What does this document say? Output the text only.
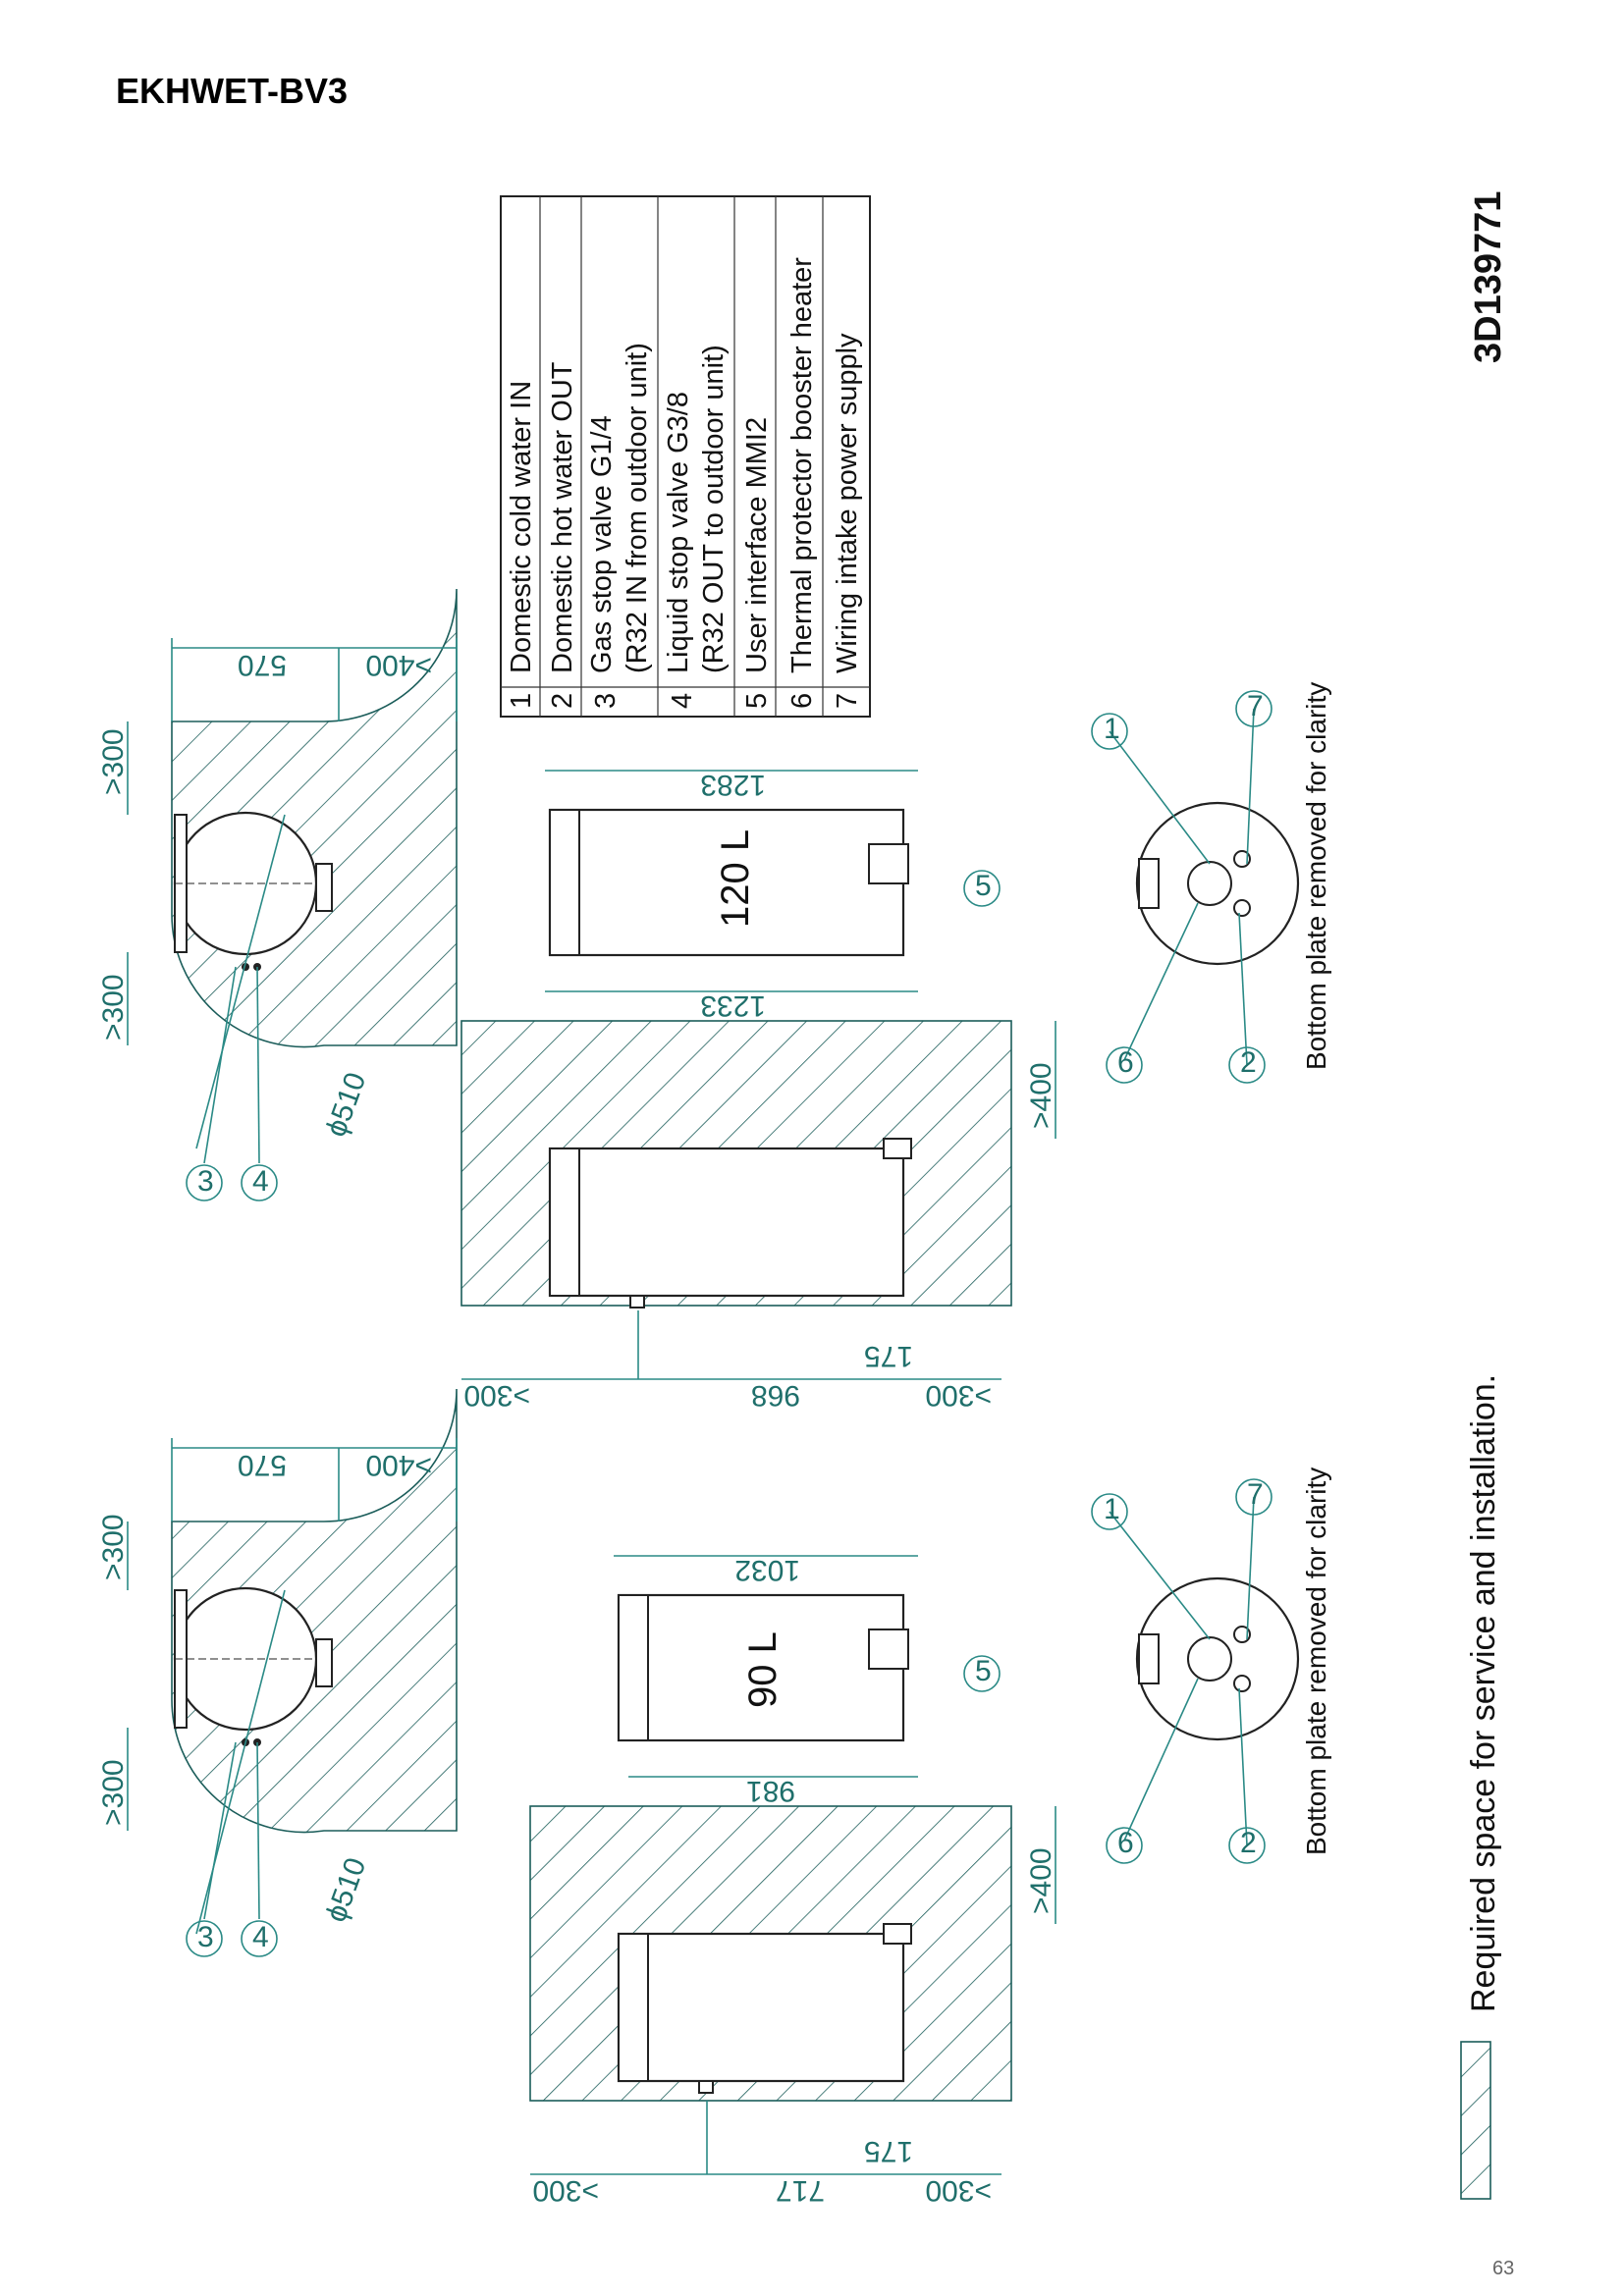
EKHWET-BV3
63
3D139771
1
Domestic cold water IN
2
Domestic hot water OUT
3
Gas stop valve G1/4 (R32 IN from outdoor unit)
4
Liquid stop valve G3/8 (R32 OUT to outdoor unit)
5
User interface MMI2
6
Thermal protector booster heater
7
Wiring intake power supply
Required space for service and installation.
570	>400
>300
>300
ϕ510
3 4
>300	968	>300
175
>400
120 L	5
1283
1233	Bottom plate removed for clarity
1
7
6	2
570	>400
>300
>300
ϕ510
3 4
>300	717	>300
175
>400
90 L	5
1032
981	Bottom plate removed for clarity
1	7
6	2
